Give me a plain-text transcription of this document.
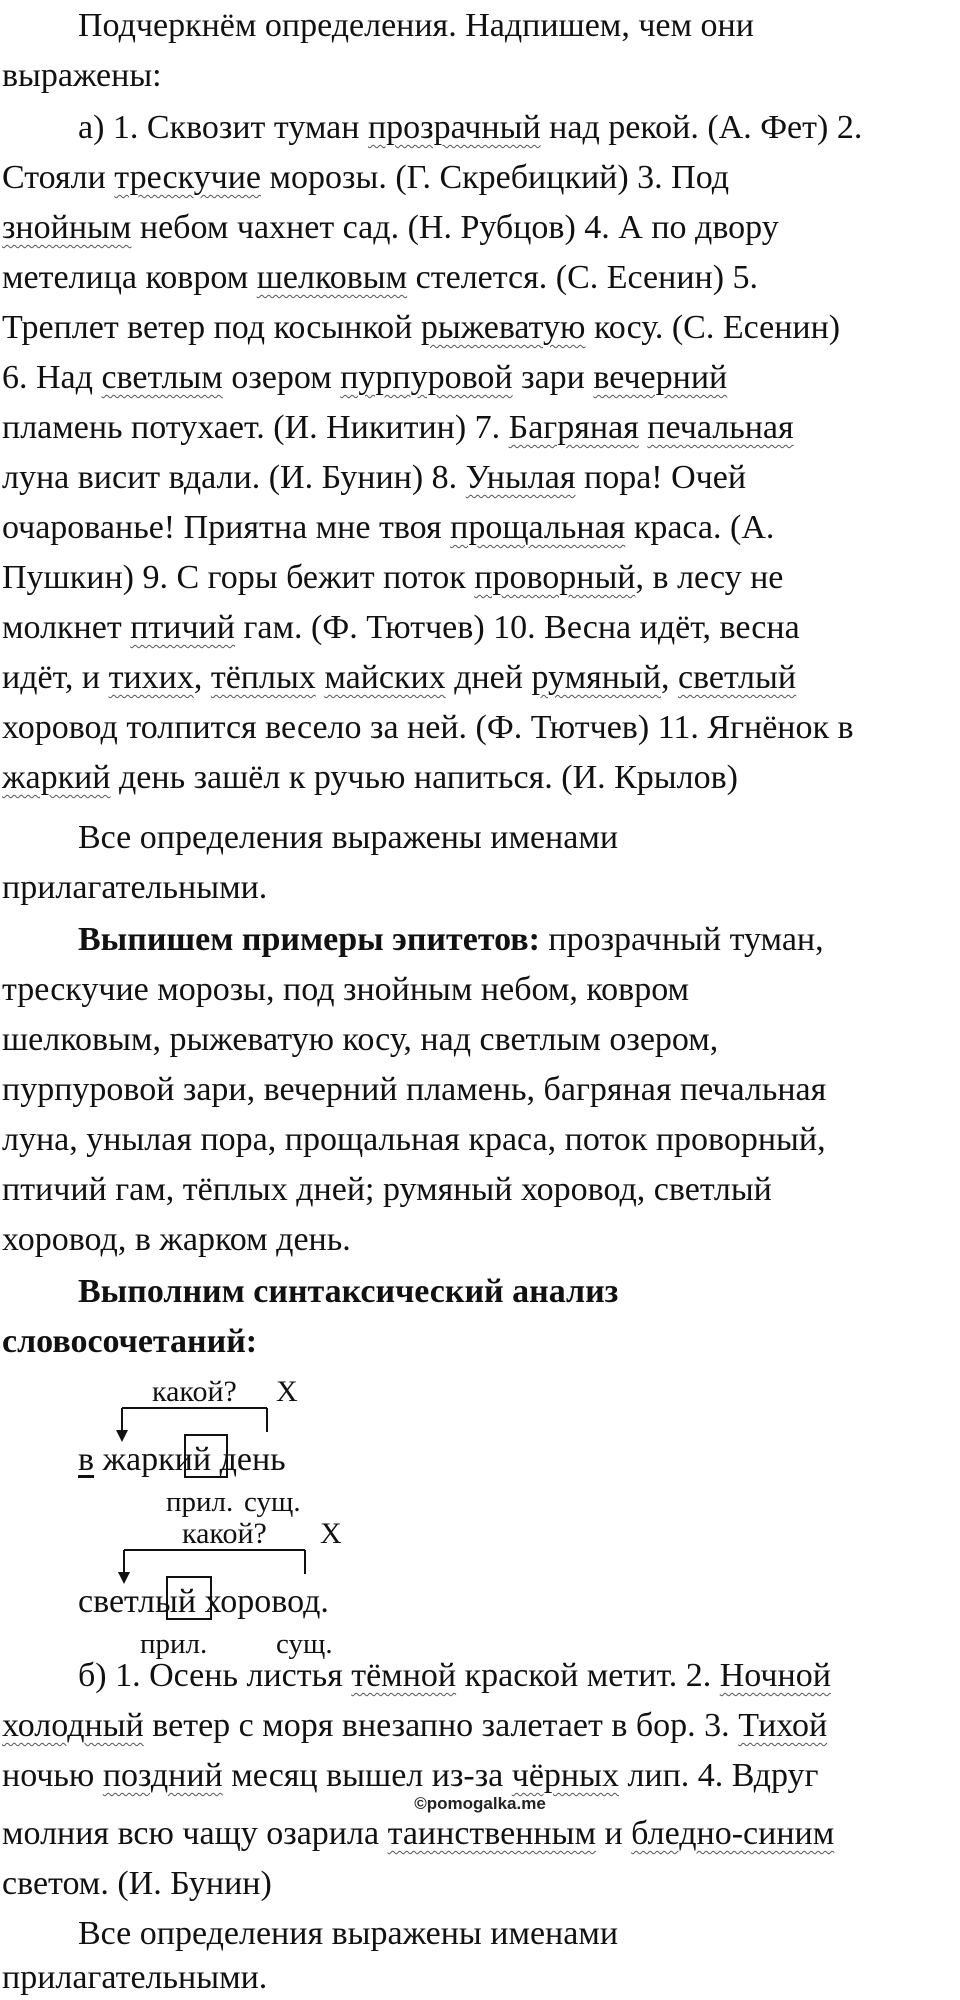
Подчеркнём определения. Надпишем, чем они
выражены:
а) 1. Сквозит туман прозрачный над рекой. (А. Фет) 2.
Стояли трескучие морозы. (Г. Скребицкий) 3. Под
знойным небом чахнет сад. (Н. Рубцов) 4. А по двору
метелица ковром шелковым стелется. (С. Есенин) 5.
Треплет ветер под косынкой рыжеватую косу. (С. Есенин)
6. Над светлым озером пурпуровой зари вечерний
пламень потухает. (И. Никитин) 7. Багряная печальная
луна висит вдали. (И. Бунин) 8. Унылая пора! Очей
очарованье! Приятна мне твоя прощальная краса. (А.
Пушкин) 9. С горы бежит поток проворный, в лесу не
молкнет птичий гам. (Ф. Тютчев) 10. Весна идёт, весна
идёт, и тихих, тёплых майских дней румяный, светлый
хоровод толпится весело за ней. (Ф. Тютчев) 11. Ягнёнок в
жаркий день зашёл к ручью напиться. (И. Крылов)
Все определения выражены именами
прилагательными.
Выпишем примеры эпитетов: прозрачный туман,
трескучие морозы, под знойным небом, ковром
шелковым, рыжеватую косу, над светлым озером,
пурпуровой зари, вечерний пламень, багряная печальная
луна, унылая пора, прощальная краса, поток проворный,
птичий гам, тёплых дней; румяный хоровод, светлый
хоровод, в жарком день.
Выполним синтаксический анализ
словосочетаний:
какой? Х
в жаркий день
прил. сущ.
какой? Х
светлый хоровод.
прил. сущ.
б) 1. Осень листья тёмной краской метит. 2. Ночной
холодный ветер с моря внезапно залетает в бор. 3. Тихой
ночью поздний месяц вышел из-за чёрных лип. 4. Вдруг
молния всю чащу озарила таинственным и бледно-синим
светом. (И. Бунин)
©pomogalka.me
Все определения выражены именами
прилагательными.
